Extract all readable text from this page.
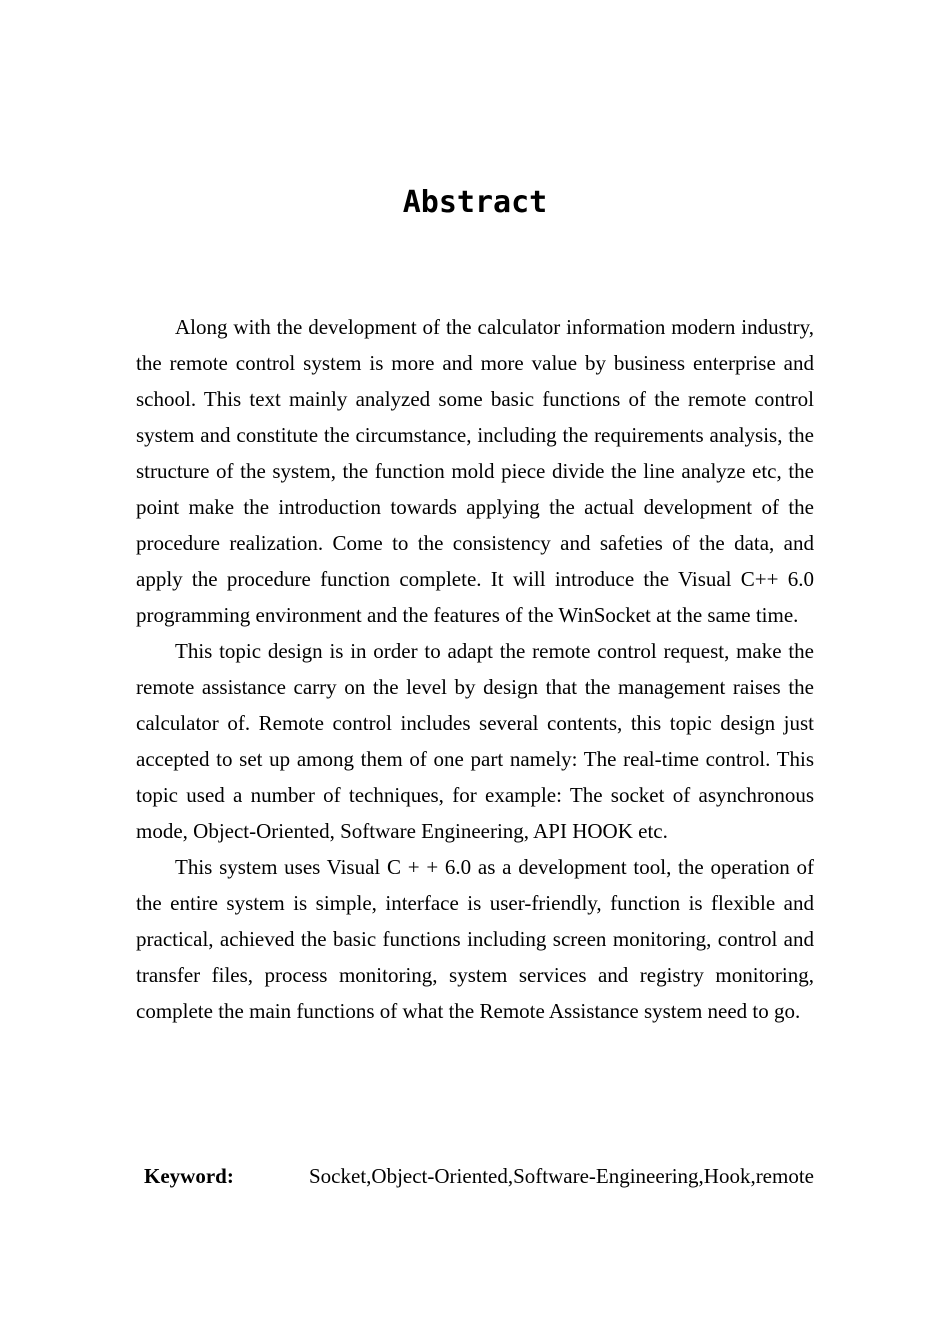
Abstract

Along with the development of the calculator information modern industry, the remote control system is more and more value by business enterprise and school. This text mainly analyzed some basic functions of the remote control system and constitute the circumstance, including the requirements analysis, the structure of the system, the function mold piece divide the line analyze etc, the point make the introduction towards applying the actual development of the procedure realization. Come to the consistency and safeties of the data, and apply the procedure function complete. It will introduce the Visual C++ 6.0 programming environment and the features of the WinSocket at the same time.

This topic design is in order to adapt the remote control request, make the remote assistance carry on the level by design that the management raises the calculator of. Remote control includes several contents, this topic design just accepted to set up among them of one part namely: The real-time control. This topic used a number of techniques, for example: The socket of asynchronous mode, Object-Oriented, Software Engineering, API HOOK etc.

This system uses Visual C + + 6.0 as a development tool, the operation of the entire system is simple, interface is user-friendly, function is flexible and practical, achieved the basic functions including screen monitoring, control and transfer files, process monitoring, system services and registry monitoring, complete the main functions of what the Remote Assistance system need to go.

Keyword:	Socket,Object-Oriented,Software-Engineering,Hook,remote
